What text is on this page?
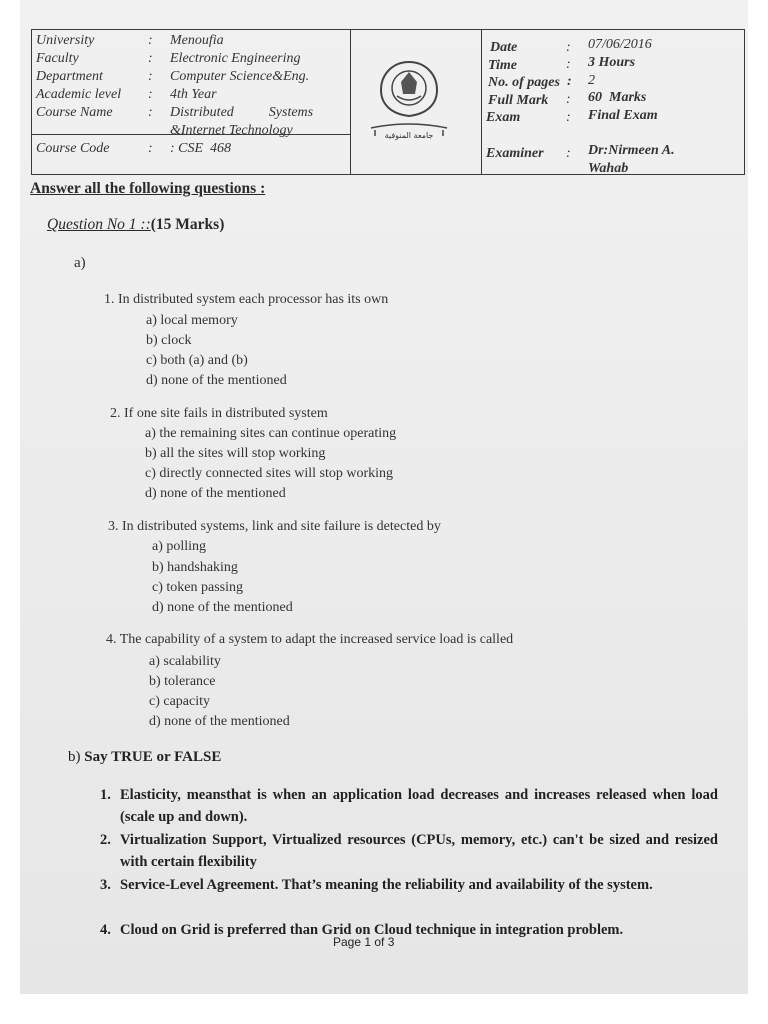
University	: Menoufia
Faculty	: Electronic Engineering
Department	: Computer Science&Eng.
Academic level : 4th Year
Course Name	: Distributed          Systems
&Internet Technology
Course Code	: : CSE  468
جامعة المنوفية
Date	: 07/06/2016
Time	: 3 Hours
No. of pages : 2
Full Mark : 60  Marks
Exam	: Final Exam
Examiner : Dr:Nirmeen A.
Wahab
Answer all the following questions :
Question No 1 ::(15 Marks)
a)
1. In distributed system each processor has its own
a) local memory
b) clock
c) both (a) and (b)
d) none of the mentioned
2. If one site fails in distributed system
a) the remaining sites can continue operating
b) all the sites will stop working
c) directly connected sites will stop working
d) none of the mentioned
3. In distributed systems, link and site failure is detected by
a) polling
b) handshaking
c) token passing
d) none of the mentioned
4. The capability of a system to adapt the increased service load is called
a) scalability
b) tolerance
c) capacity
d) none of the mentioned
b) Say TRUE or FALSE
1. Elasticity, meansthat is when an application load decreases and increases released when load (scale up and down).
2. Virtualization Support, Virtualized resources (CPUs, memory, etc.) can't be sized and resized with certain flexibility
3. Service-Level Agreement. That’s meaning the reliability and availability of the system.
4. Cloud on Grid is preferred than Grid on Cloud technique in integration problem.
Page 1 of 3
